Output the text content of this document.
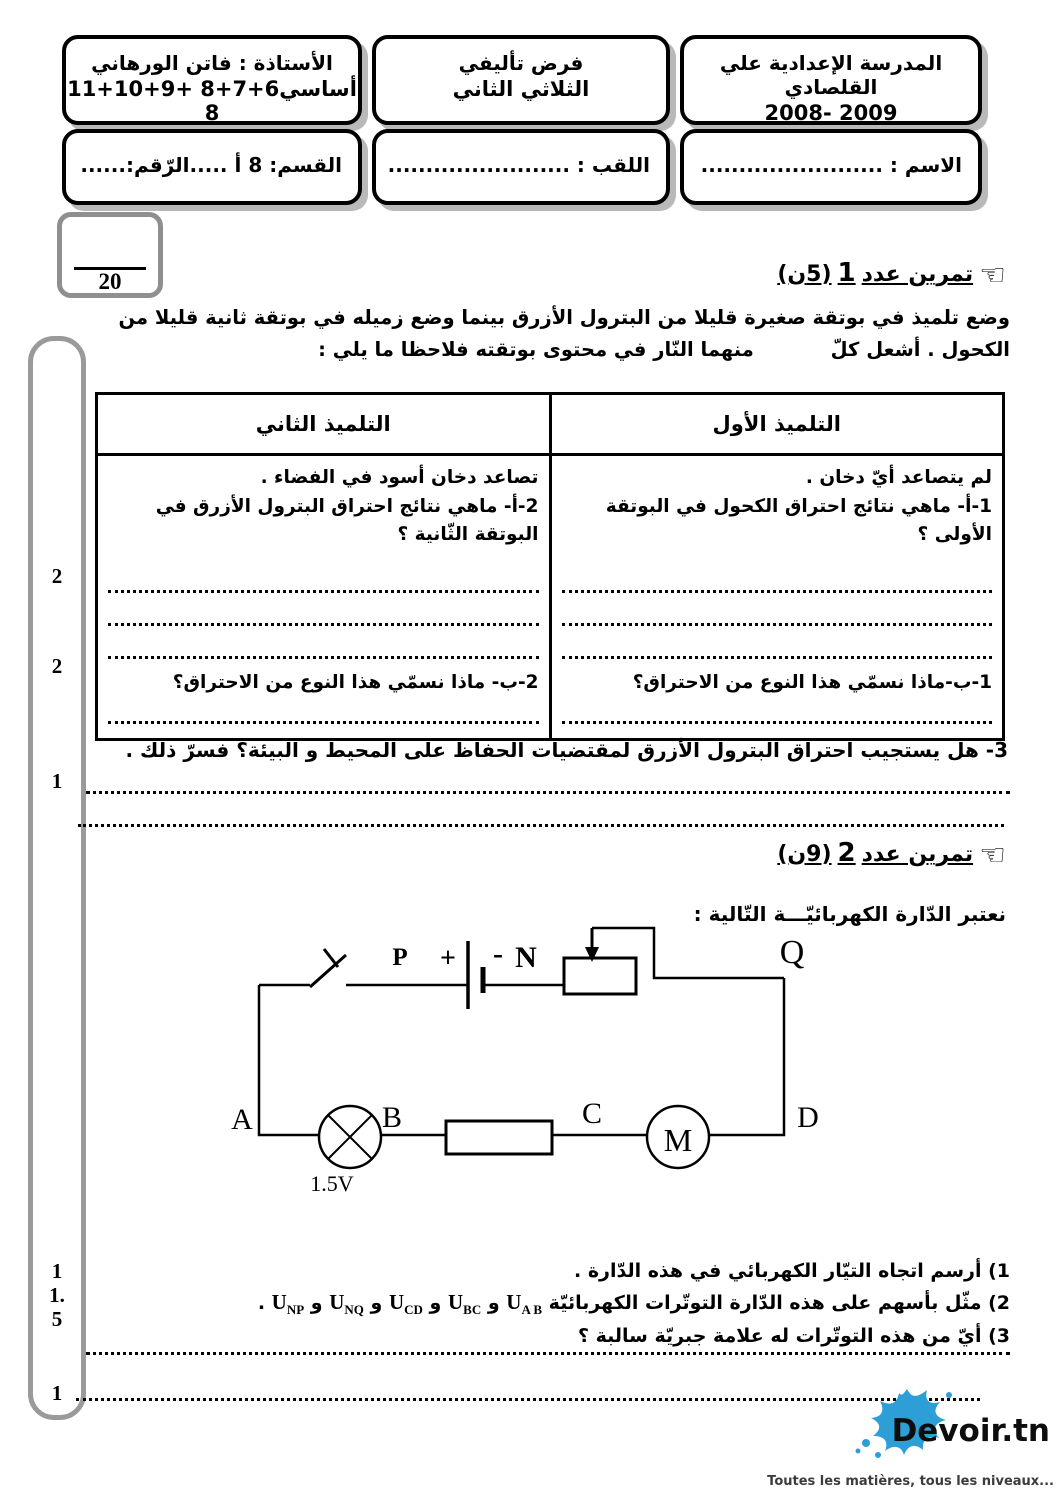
المدرسة الإعدادية علي القلصادي
2008- 2009
الاسم : ........................
فرض تأليفي
الثلاثي الثاني
اللقب : ........................
الأستاذة : فاتن الورهاني
11+10+9+ 8+7+6أساسي 8
القسم: 8 أ .....الرّقم:......
20
2
2
1
1
1.
5
1
☜تمرين عدد1(5ن)
وضع تلميذ في بوتقة صغيرة قليلا من البترول الأزرق بينما وضع زميله في بوتقة ثانية قليلا من الكحول . أشعل كلّ
منهما النّار في محتوى بوتقته فلاحظا ما يلي :
التلميذ الأول	التلميذ الثاني

لم يتصاعد أيّ دخان .
1-أ- ماهي نتائج احتراق الكحول في البوتقة الأولى ؟
1-ب-ماذا نسمّي هذا النوع من الاحتراق؟

تصاعد دخان أسود في الفضاء .
2-أ- ماهي نتائج احتراق البترول الأزرق في البوتقة الثّانية ؟
2-ب- ماذا نسمّي هذا النوع من الاحتراق؟
3- هل يستجيب احتراق البترول الأزرق لمقتضيات الحفاظ على المحيط و البيئة؟ فسرّ ذلك .
☜تمرين عدد2(9ن)
نعتبر الدّارة الكهربائيّـــة التّالية :
M
P + - N	Q
A	B	C	D
1.5V
1) أرسم اتجاه التيّار الكهربائي في هذه الدّارة .
2) مثّل بأسهم على هذه الدّارة التوتّرات الكهربائيّة $U_{A B}$ و $U_{BC}$ و $U_{CD}$ و $U_{NQ}$ و $U_{NP}$ .
3) أيّ من هذه التوتّرات له علامة جبريّة سالبة ؟
Devoir.tn
Toutes les matières, tous les niveaux...
